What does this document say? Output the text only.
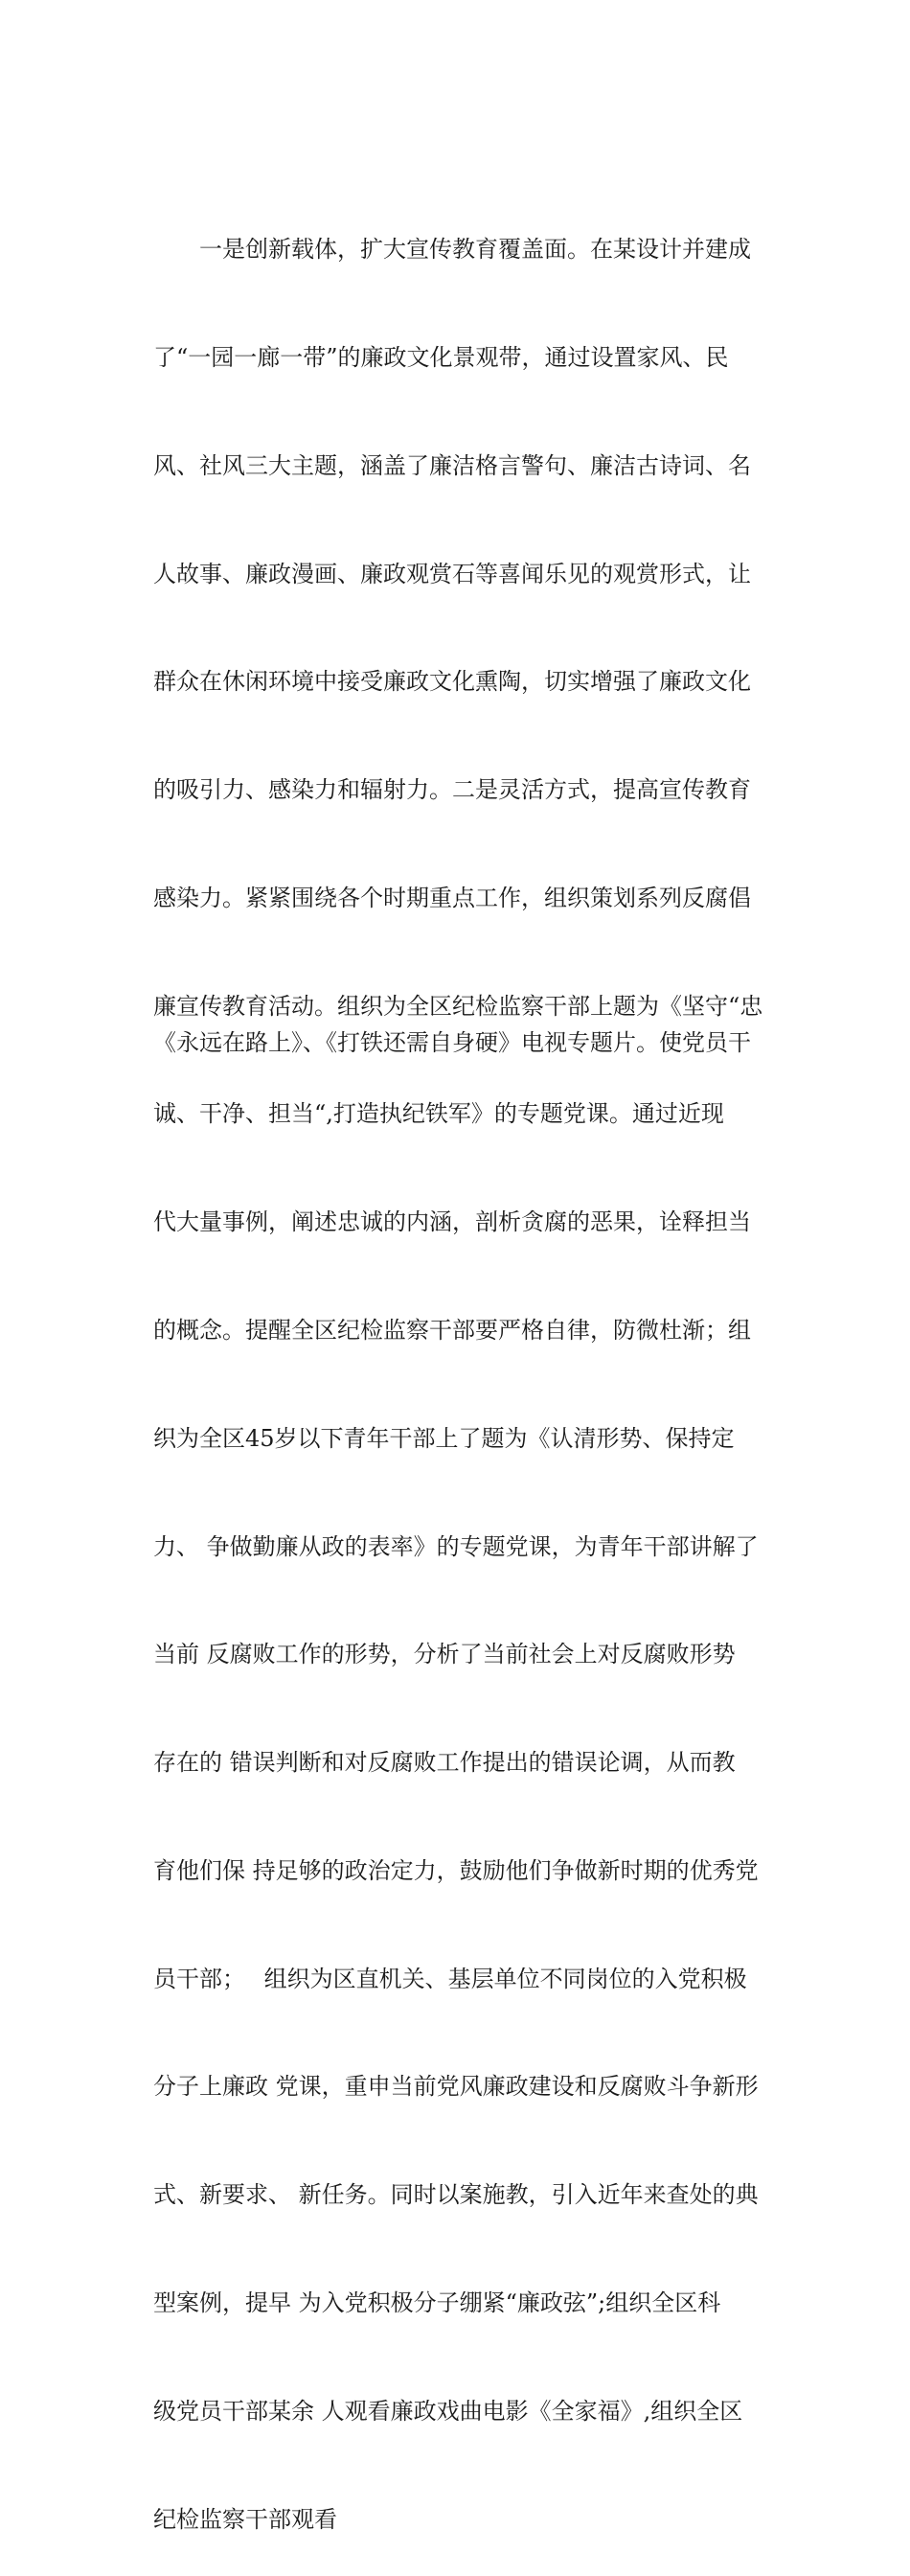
　　一是创新载体，扩大宣传教育覆盖面。在某设计并建成

了“一园一廊一带”的廉政文化景观带，通过设置家风、民

风、社风三大主题，涵盖了廉洁格言警句、廉洁古诗词、名

人故事、廉政漫画、廉政观赏石等喜闻乐见的观赏形式，让

群众在休闲环境中接受廉政文化熏陶，切实增强了廉政文化

的吸引力、感染力和辐射力。二是灵活方式，提高宣传教育

感染力。紧紧围绕各个时期重点工作，组织策划系列反腐倡

廉宣传教育活动。组织为全区纪检监察干部上题为《坚守“忠

诚、干净、担当“,打造执纪铁军》的专题党课。通过近现

代大量事例，阐述忠诚的内涵，剖析贪腐的恶果，诠释担当

的概念。提醒全区纪检监察干部要严格自律，防微杜渐；组

织为全区45岁以下青年干部上了题为《认清形势、保持定

力、 争做勤廉从政的表率》的专题党课，为青年干部讲解了

当前 反腐败工作的形势，分析了当前社会上对反腐败形势

存在的 错误判断和对反腐败工作提出的错误论调，从而教

育他们保 持足够的政治定力，鼓励他们争做新时期的优秀党

员干部；　 组织为区直机关、基层单位不同岗位的入党积极

分子上廉政 党课，重申当前党风廉政建设和反腐败斗争新形

式、新要求、 新任务。同时以案施教，引入近年来查处的典

型案例，提早 为入党积极分子绷紧“廉政弦”;组织全区科

级党员干部某余 人观看廉政戏曲电影《全家福》,组织全区

纪检监察干部观看

《永远在路上》、《打铁还需自身硬》电视专题片。使党员干
